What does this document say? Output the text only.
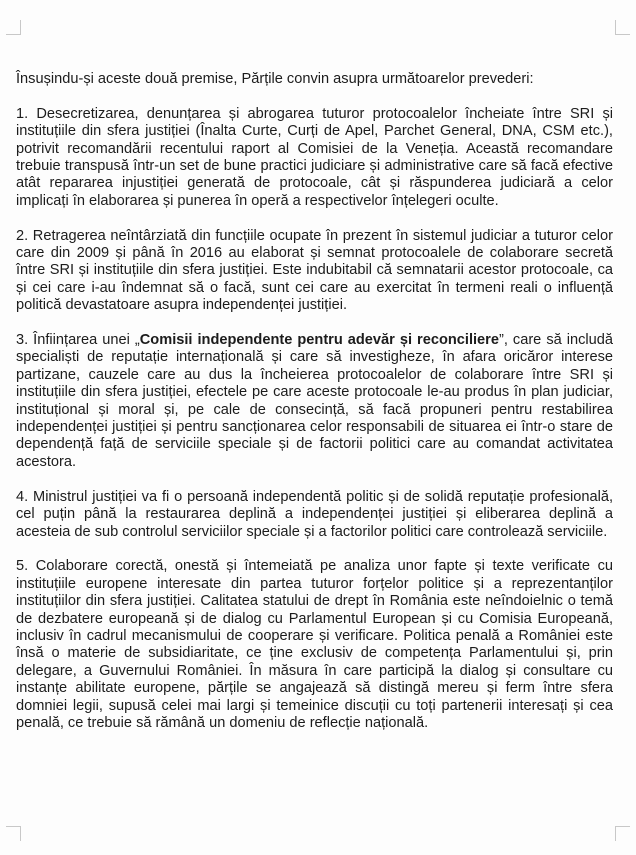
Însușindu-și aceste două premise, Părțile convin asupra următoarelor prevederi:

1. Desecretizarea, denunțarea și abrogarea tuturor protocoalelor încheiate între SRI și instituțiile din sfera justiției (Înalta Curte, Curți de Apel, Parchet General, DNA, CSM etc.), potrivit recomandării recentului raport al Comisiei de la Veneția. Această recomandare trebuie transpusă într-un set de bune practici judiciare și administrative care să facă efective atât repararea injustiției generată de protocoale, cât și răspunderea judiciară a celor implicați în elaborarea și punerea în operă a respectivelor înțelegeri oculte.

2. Retragerea neîntârziată din funcțiile ocupate în prezent în sistemul judiciar a tuturor celor care din 2009 și până în 2016 au elaborat și semnat protocoalele de colaborare secretă între SRI și instituțiile din sfera justiției. Este indubitabil că semnatarii acestor protocoale, ca și cei care i-au îndemnat să o facă, sunt cei care au exercitat în termeni reali o influență politică devastatoare asupra independenței justiției.

3. Înființarea unei „Comisii independente pentru adevăr și reconciliere”, care să includă specialiști de reputație internațională și care să investigheze, în afara oricăror interese partizane, cauzele care au dus la încheierea protocoalelor de colaborare între SRI și instituțiile din sfera justiției, efectele pe care aceste protocoale le-au produs în plan judiciar, instituțional și moral și, pe cale de consecință, să facă propuneri pentru restabilirea independenței justiției și pentru sancționarea celor responsabili de situarea ei într-o stare de dependență față de serviciile speciale și de factorii politici care au comandat activitatea acestora.

4. Ministrul justiției va fi o persoană independentă politic și de solidă reputație profesională, cel puțin până la restaurarea deplină a independenței justiției și eliberarea deplină a acesteia de sub controlul serviciilor speciale și a factorilor politici care controlează serviciile.

5. Colaborare corectă, onestă și întemeiată pe analiza unor fapte și texte verificate cu instituțiile europene interesate din partea tuturor forțelor politice și a reprezentanților instituțiilor din sfera justiției. Calitatea statului de drept în România este neîndoielnic o temă de dezbatere europeană și de dialog cu Parlamentul European și cu Comisia Europeană, inclusiv în cadrul mecanismului de cooperare și verificare. Politica penală a României este însă o materie de subsidiaritate, ce ține exclusiv de competența Parlamentului și, prin delegare, a Guvernului României. În măsura în care participă la dialog și consultare cu instanțe abilitate europene, părțile se angajează să distingă mereu și ferm între sfera domniei legii, supusă celei mai largi și temeinice discuții cu toți partenerii interesați și cea penală, ce trebuie să rămână un domeniu de reflecție națională.
